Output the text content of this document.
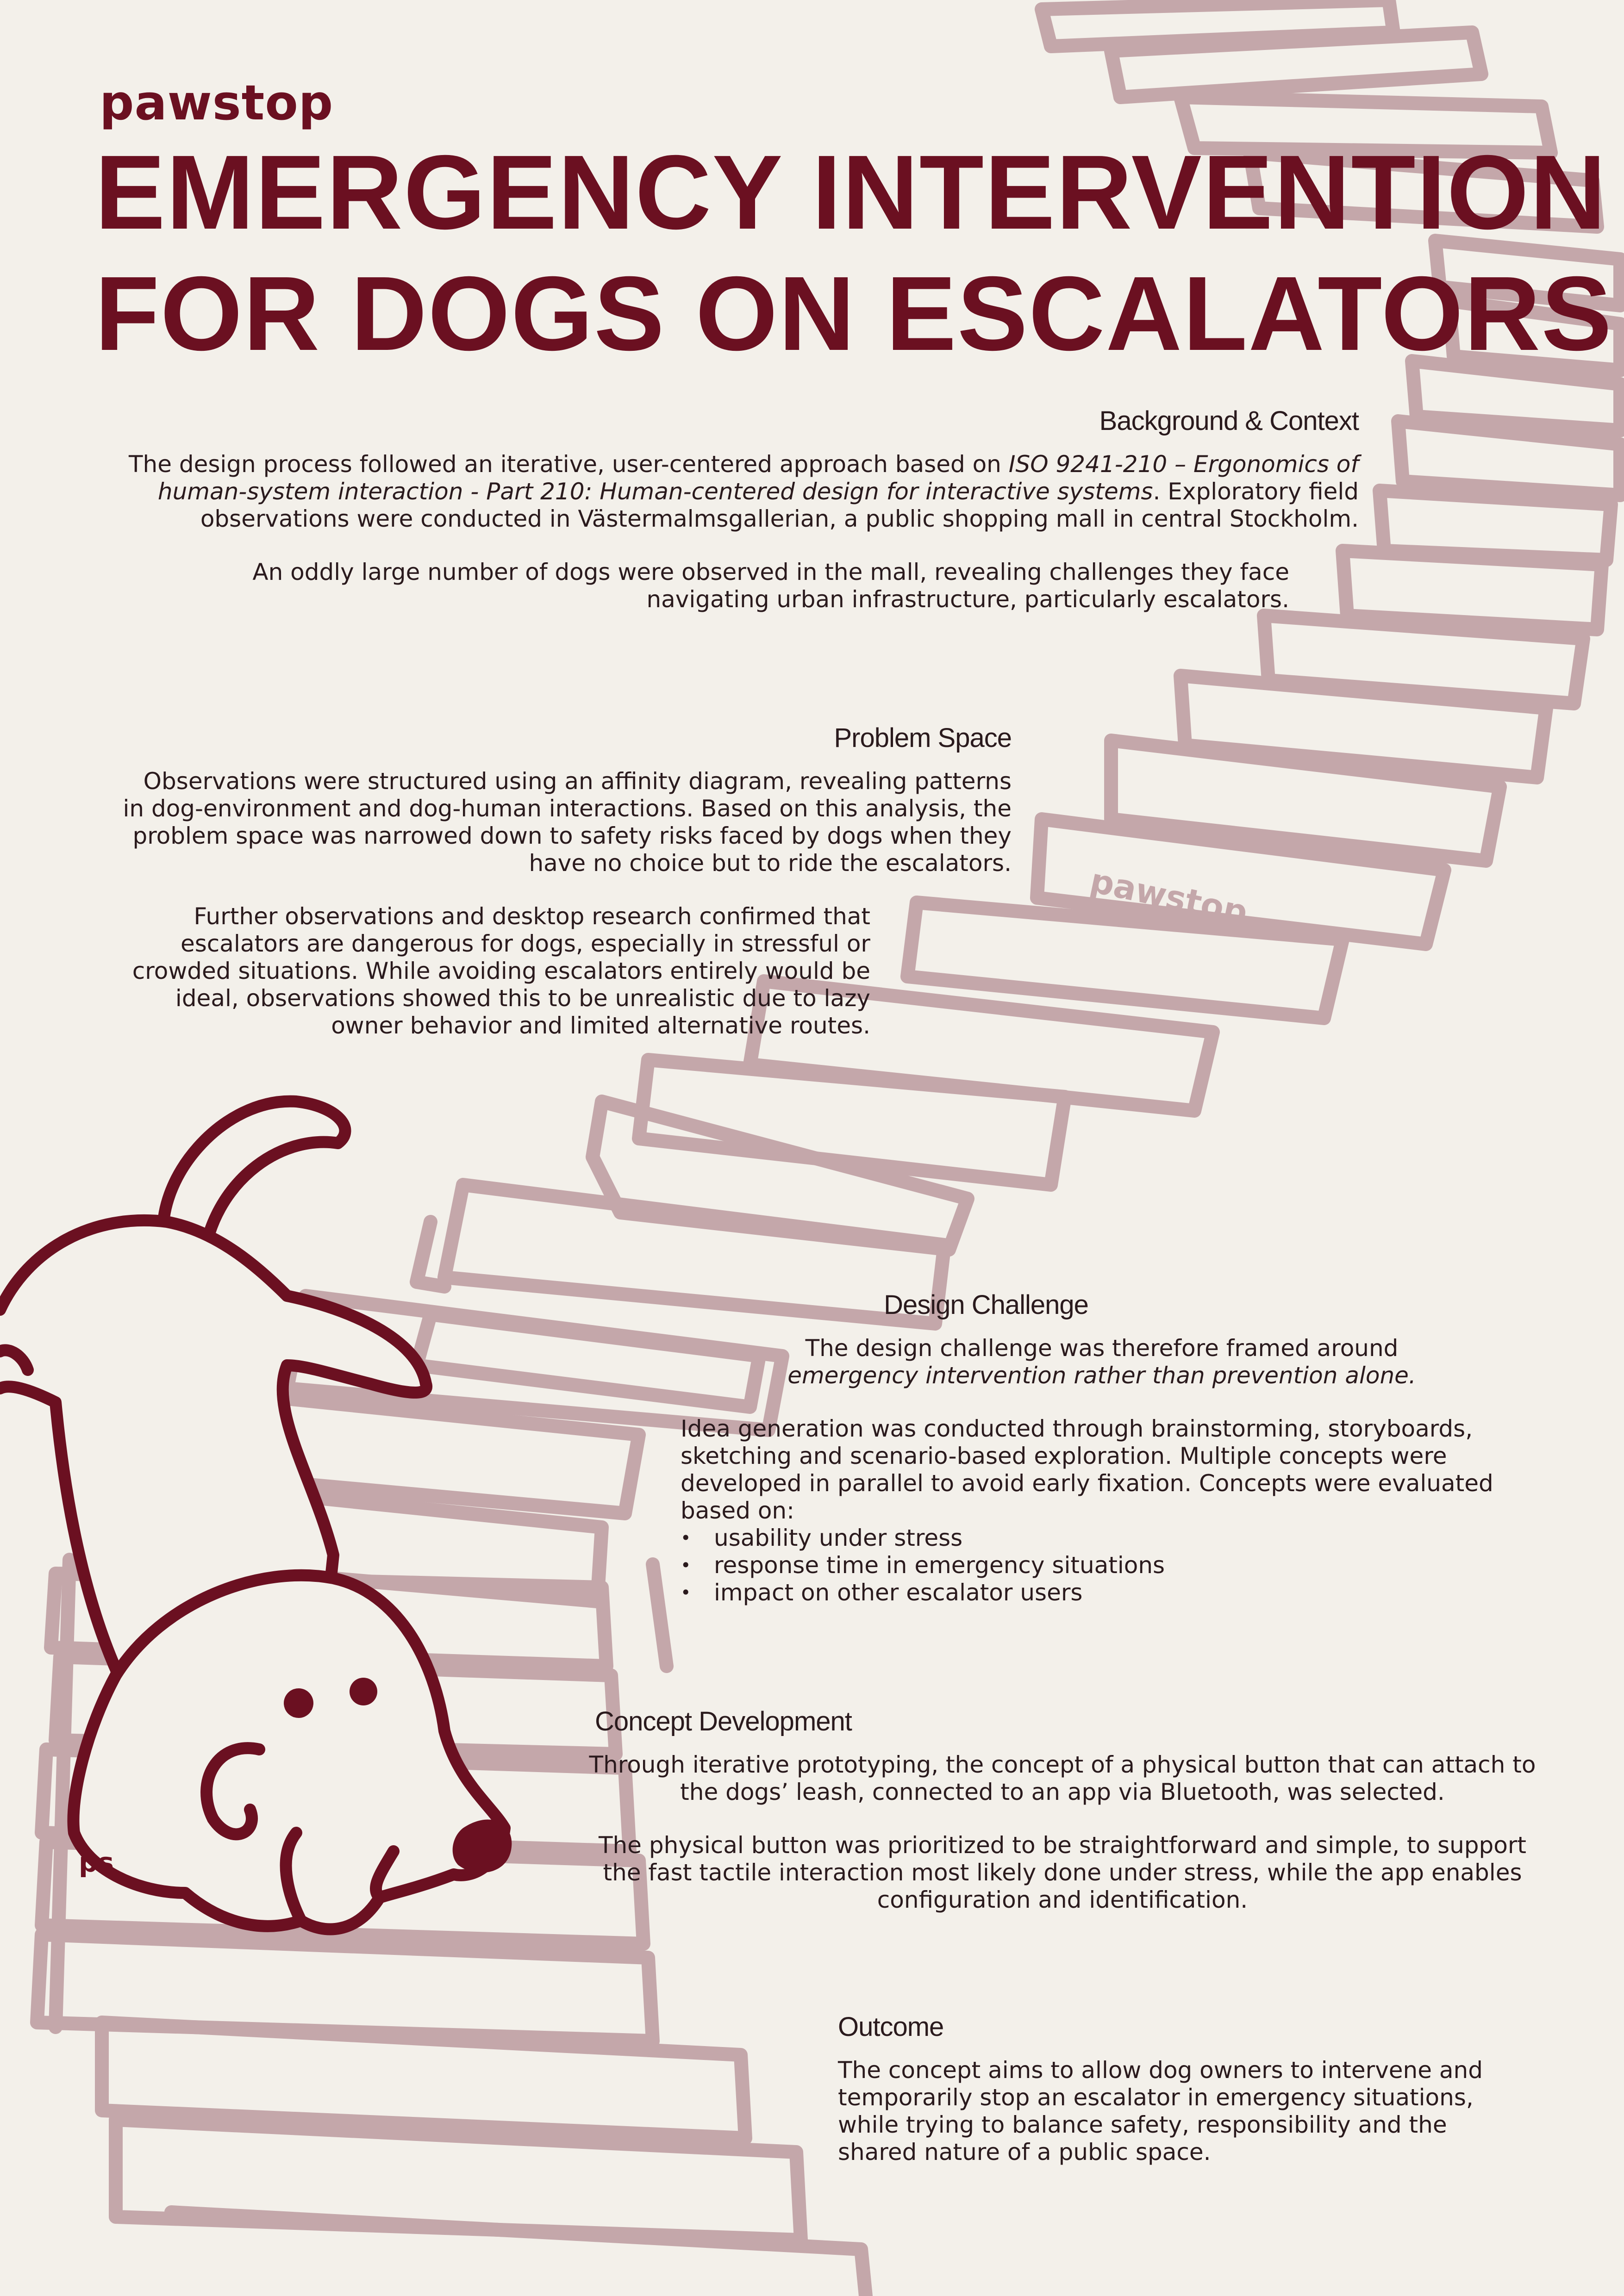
pawstop
EMERGENCY INTERVENTION
FOR DOGS ON ESCALATORS
Background & Context

The design process followed an iterative, user-centered approach based on ISO 9241-210 – Ergonomics of human-system interaction - Part 210: Human-centered design for interactive systems. Exploratory field observations were conducted in Västermalmsgallerian, a public shopping mall in central Stockholm.

An oddly large number of dogs were observed in the mall, revealing challenges they face navigating urban infrastructure, particularly escalators.

Problem Space

Observations were structured using an affinity diagram, revealing patterns in dog-environment and dog-human interactions. Based on this analysis, the problem space was narrowed down to safety risks faced by dogs when they have no choice but to ride the escalators.

Further observations and desktop research confirmed that escalators are dangerous for dogs, especially in stressful or crowded situations. While avoiding escalators entirely would be ideal, observations showed this to be unrealistic due to lazy owner behavior and limited alternative routes.

Design Challenge

The design challenge was therefore framed around
emergency intervention rather than prevention alone.

Idea generation was conducted through brainstorming, storyboards, sketching and scenario-based exploration. Multiple concepts were developed in parallel to avoid early fixation. Concepts were evaluated based on:

• usability under stress
• response time in emergency situations
• impact on other escalator users
Concept Development

Through iterative prototyping, the concept of a physical button that can attach to the dogs’ leash, connected to an app via Bluetooth, was selected.

The physical button was prioritized to be straightforward and simple, to support the fast tactile interaction most likely done under stress, while the app enables configuration and identification.

Outcome

The concept aims to allow dog owners to intervene and temporarily stop an escalator in emergency situations, while trying to balance safety, responsibility and the shared nature of a public space.

pawstop
ps
